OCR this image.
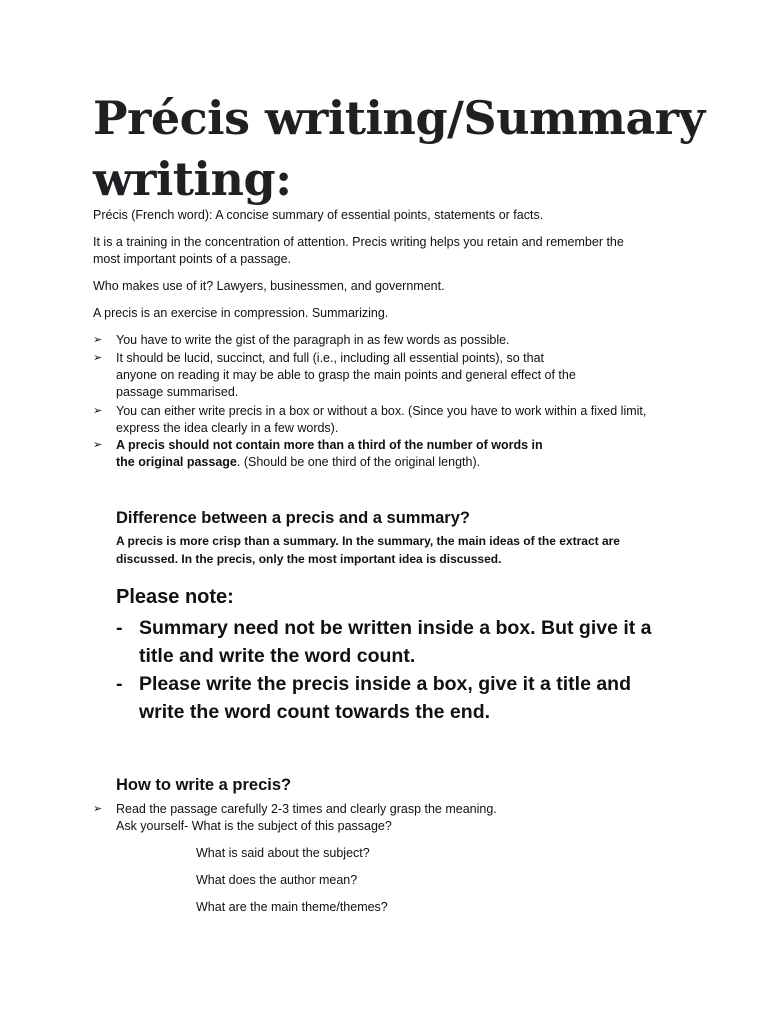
Précis writing/Summary writing:

Précis (French word): A concise summary of essential points, statements or facts.

It is a training in the concentration of attention. Precis writing helps you retain and remember the
most important points of a passage.

Who makes use of it? Lawyers, businessmen, and government.

A precis is an exercise in compression. Summarizing.

➢ You have to write the gist of the paragraph in as few words as possible.
➢ It should be lucid, succinct, and full (i.e., including all essential points), so that
anyone on reading it may be able to grasp the main points and general effect of the
passage summarised.
➢ You can either write precis in a box or without a box. (Since you have to work within a fixed limit,
express the idea clearly in a few words).
➢ A precis should not contain more than a third of the number of words in
the original passage. (Should be one third of the original length).
Difference between a precis and a summary?

A precis is more crisp than a summary. In the summary, the main ideas of the extract are
discussed. In the precis, only the most important idea is discussed.

Please note:
- Summary need not be written inside a box. But give it a
title and write the word count.
- Please write the precis inside a box, give it a title and
write the word count towards the end.
How to write a precis?
➢ Read the passage carefully 2-3 times and clearly grasp the meaning.
Ask yourself- What is the subject of this passage?

What is said about the subject?

What does the author mean?

What are the main theme/themes?
